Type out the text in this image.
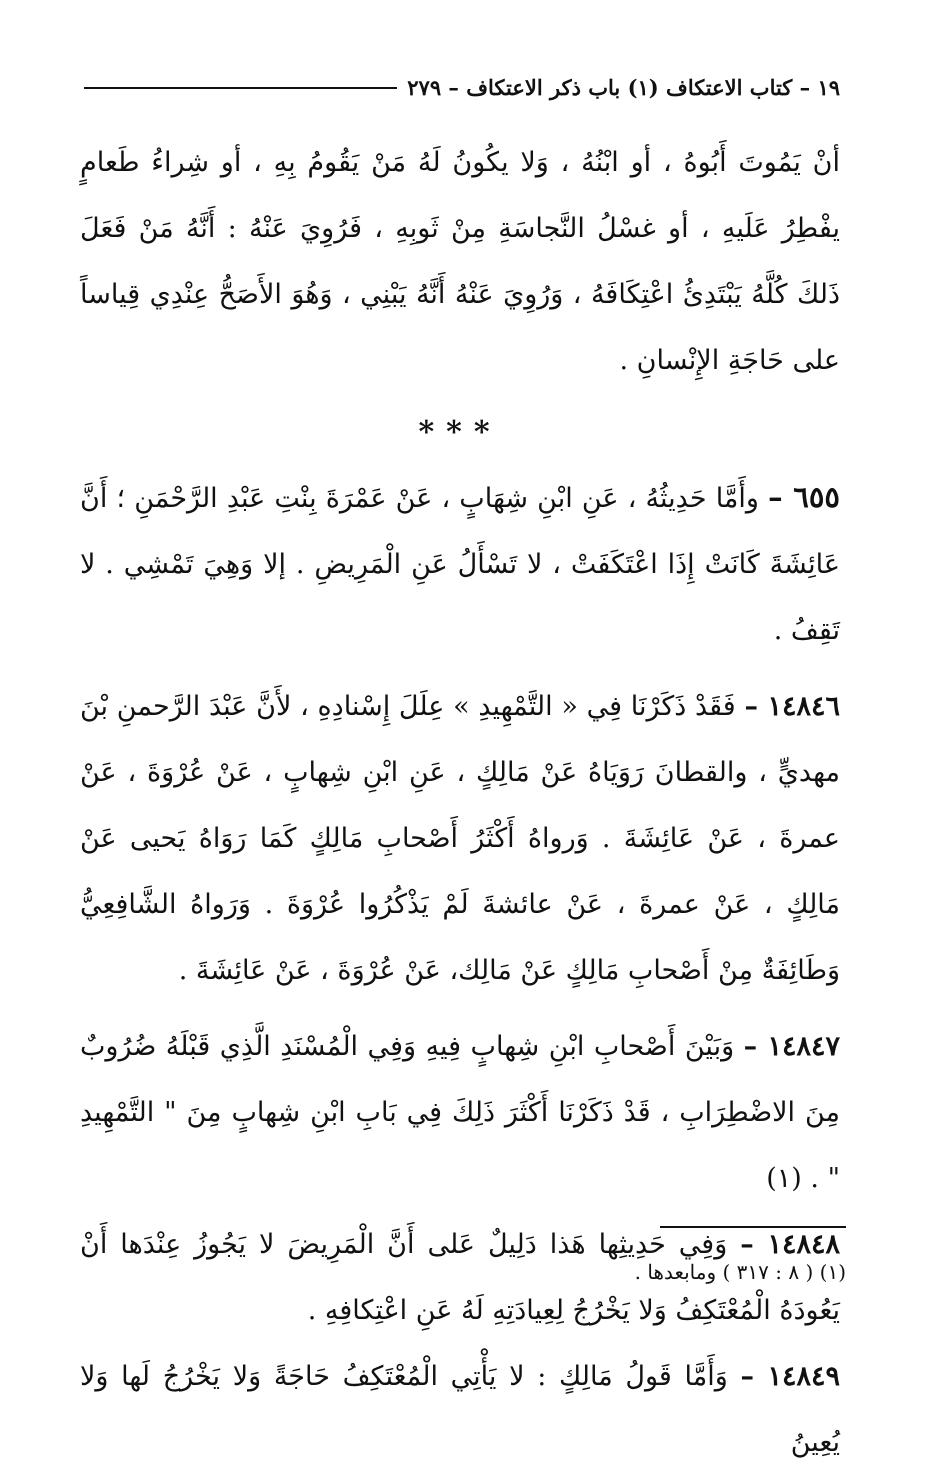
١٩ – كتاب الاعتكاف (١) باب ذكر الاعتكاف – ٢٧٩

أنْ يَمُوتَ أَبُوهُ ، أو ابْنُهُ ، وَلا يكُونُ لَهُ مَنْ يَقُومُ بِهِ ، أو شِراءُ طَعامٍ يفْطِرُ عَلَيهِ ، أو غسْلُ النَّجاسَةِ مِنْ ثَوبِهِ ، فَرُوِيَ عَنْهُ : أَنَّهُ مَنْ فَعَلَ ذَلكَ كُلَّهُ يَبْتَدِئُ اعْتِكَافَهُ ، وَرُوِيَ عَنْهُ أَنَّهُ يَبْنِي ، وَهُوَ الأَصَحُّ عِنْدِي قِياساً على حَاجَةِ الإِنْسانِ .

***

٦٥٥ – وأَمَّا حَدِيثُهُ ، عَنِ ابْنِ شِهَابٍ ، عَنْ عَمْرَةَ بِنْتِ عَبْدِ الرَّحْمَنِ ؛ أَنَّ عَائِشَةَ كَانَتْ إِذَا اعْتَكَفَتْ ، لا تَسْأَلُ عَنِ الْمَرِيضِ . إلا وَهِيَ تَمْشِي . لا تَقِفُ .

١٤٨٤٦ – فَقَدْ ذَكَرْنَا فِي « التَّمْهِيدِ » عِلَلَ إِسْنادِهِ ، لأَنَّ عَبْدَ الرَّحمنِ بْنَ مهديٍّ ، والقطانَ رَوَيَاهُ عَنْ مَالِكٍ ، عَنِ ابْنِ شِهابٍ ، عَنْ عُرْوَةَ ، عَنْ عمرةَ ، عَنْ عَائِشَةَ . وَرواهُ أَكْثَرُ أَصْحابِ مَالِكٍ كَمَا رَوَاهُ يَحيى عَنْ مَالِكٍ ، عَنْ عمرةَ ، عَنْ عائشةَ لَمْ يَذْكُرُوا عُرْوَةَ . وَرَواهُ الشَّافِعِيُّ وَطَائِفَةٌ مِنْ أَصْحابِ مَالِكٍ عَنْ مَالِك، عَنْ عُرْوَةَ ، عَنْ عَائِشَةَ .

١٤٨٤٧ – وَبَيْنَ أَصْحابِ ابْنِ شِهابٍ فِيهِ وَفِي الْمُسْنَدِ الَّذِي قَبْلَهُ ضُرُوبٌ مِنَ الاضْطِرَابِ ، قَدْ ذَكَرْنَا أَكْثَرَ ذَلِكَ فِي بَابِ ابْنِ شِهابٍ مِنَ " التَّمْهِيدِ " . (١)

١٤٨٤٨ – وَفِي حَدِيثِها هَذا دَلِيلٌ عَلى أَنَّ الْمَرِيضَ لا يَجُوزُ عِنْدَها أَنْ يَعُودَهُ الْمُعْتَكِفُ وَلا يَخْرُجُ لِعِيادَتِهِ لَهُ عَنِ اعْتِكافِهِ .

١٤٨٤٩ – وَأَمَّا قَولُ مَالِكٍ : لا يَأْتِي الْمُعْتَكِفُ حَاجَةً وَلا يَخْرُجُ لَها وَلا يُعِينُ

(١) ( ٨ : ٣١٧ ) ومابعدها .
